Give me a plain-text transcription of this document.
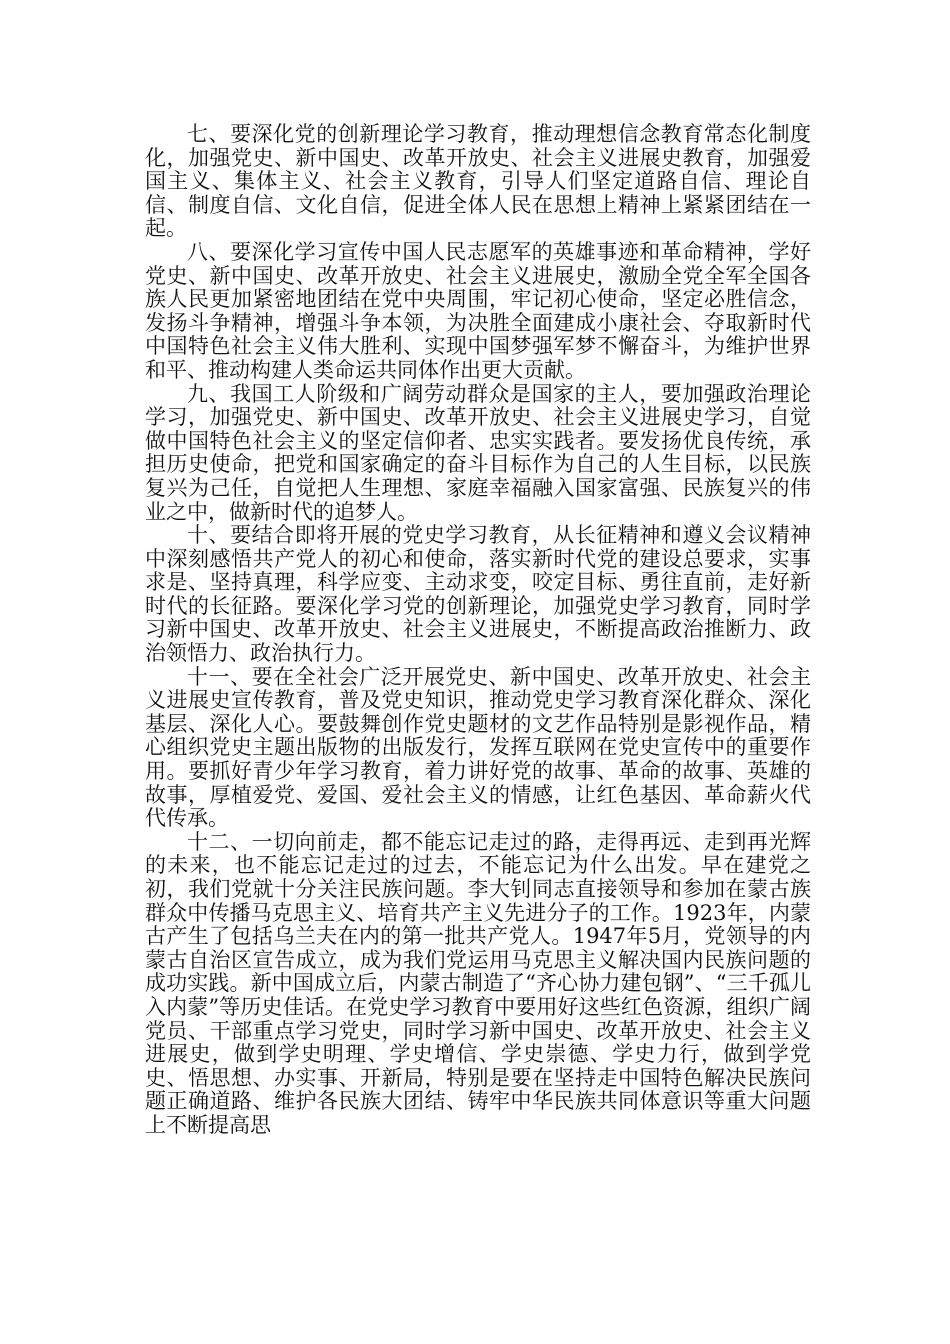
七、要深化党的创新理论学习教育，推动理想信念教育常态化制度化，加强党史、新中国史、改革开放史、社会主义进展史教育，加强爱国主义、集体主义、社会主义教育，引导人们坚定道路自信、理论自信、制度自信、文化自信，促进全体人民在思想上精神上紧紧团结在一起。

八、要深化学习宣传中国人民志愿军的英雄事迹和革命精神，学好党史、新中国史、改革开放史、社会主义进展史，激励全党全军全国各族人民更加紧密地团结在党中央周围，牢记初心使命，坚定必胜信念，发扬斗争精神，增强斗争本领，为决胜全面建成小康社会、夺取新时代中国特色社会主义伟大胜利、实现中国梦强军梦不懈奋斗，为维护世界和平、推动构建人类命运共同体作出更大贡献。

九、我国工人阶级和广阔劳动群众是国家的主人，要加强政治理论学习，加强党史、新中国史、改革开放史、社会主义进展史学习，自觉做中国特色社会主义的坚定信仰者、忠实实践者。要发扬优良传统，承担历史使命，把党和国家确定的奋斗目标作为自己的人生目标，以民族复兴为己任，自觉把人生理想、家庭幸福融入国家富强、民族复兴的伟业之中，做新时代的追梦人。

十、要结合即将开展的党史学习教育，从长征精神和遵义会议精神中深刻感悟共产党人的初心和使命，落实新时代党的建设总要求，实事求是、坚持真理，科学应变、主动求变，咬定目标、勇往直前，走好新时代的长征路。要深化学习党的创新理论，加强党史学习教育，同时学习新中国史、改革开放史、社会主义进展史，不断提高政治推断力、政治领悟力、政治执行力。

十一、要在全社会广泛开展党史、新中国史、改革开放史、社会主义进展史宣传教育，普及党史知识，推动党史学习教育深化群众、深化基层、深化人心。要鼓舞创作党史题材的文艺作品特别是影视作品，精心组织党史主题出版物的出版发行，发挥互联网在党史宣传中的重要作用。要抓好青少年学习教育，着力讲好党的故事、革命的故事、英雄的故事，厚植爱党、爱国、爱社会主义的情感，让红色基因、革命薪火代代传承。

十二、一切向前走，都不能忘记走过的路，走得再远、走到再光辉的未来，也不能忘记走过的过去，不能忘记为什么出发。早在建党之初，我们党就十分关注民族问题。李大钊同志直接领导和参加在蒙古族群众中传播马克思主义、培育共产主义先进分子的工作。1923年，内蒙古产生了包括乌兰夫在内的第一批共产党人。1947年5月，党领导的内蒙古自治区宣告成立，成为我们党运用马克思主义解决国内民族问题的成功实践。新中国成立后，内蒙古制造了“齐心协力建包钢”、“三千孤儿入内蒙”等历史佳话。在党史学习教育中要用好这些红色资源，组织广阔党员、干部重点学习党史，同时学习新中国史、改革开放史、社会主义进展史，做到学史明理、学史增信、学史崇德、学史力行，做到学党史、悟思想、办实事、开新局，特别是要在坚持走中国特色解决民族问题正确道路、维护各民族大团结、铸牢中华民族共同体意识等重大问题上不断提高思
